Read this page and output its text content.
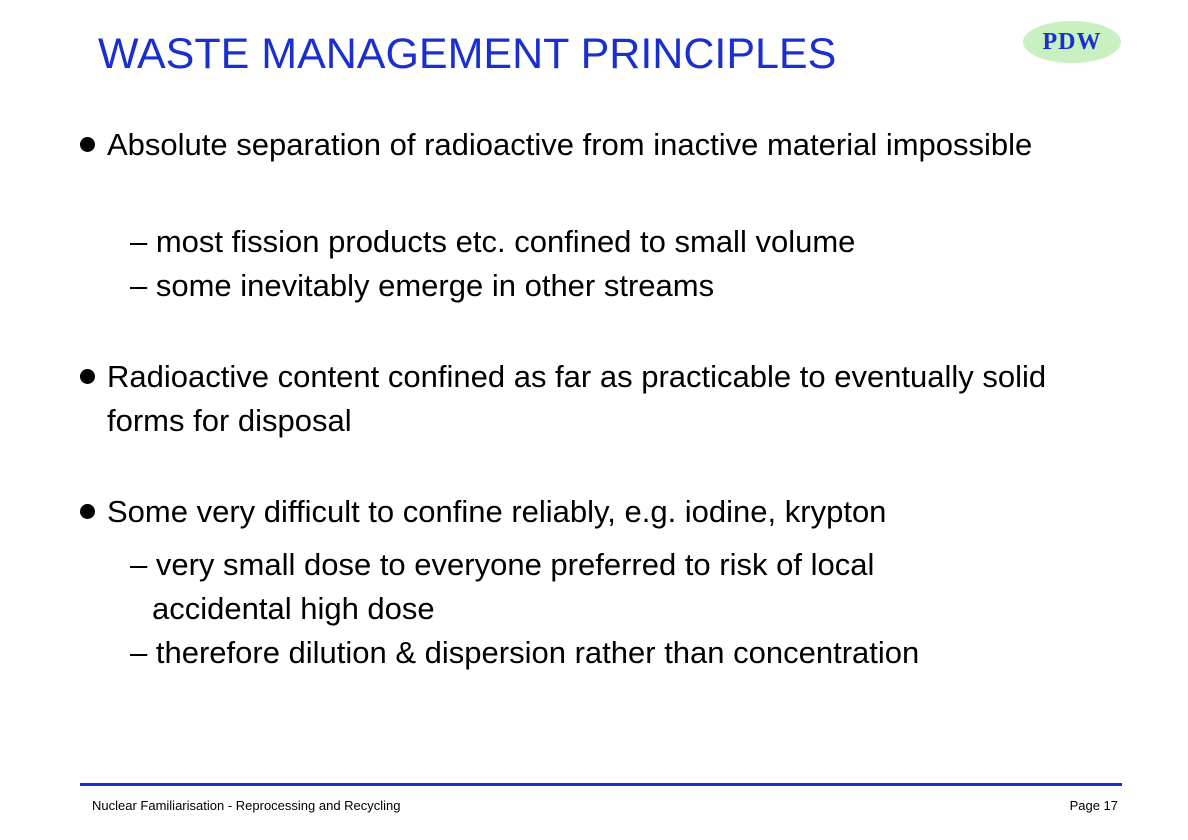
WASTE MANAGEMENT PRINCIPLES	PDW
Absolute separation of radioactive from inactive material impossible
– most fission products etc. confined to small volume
– some inevitably emerge in other streams
Radioactive content confined as far as practicable to eventually solid forms for disposal
Some very difficult to confine reliably, e.g. iodine, krypton
– very small dose to everyone preferred to risk of local
accidental high dose
– therefore dilution & dispersion rather than concentration
Nuclear Familiarisation - Reprocessing and Recycling	Page 17
